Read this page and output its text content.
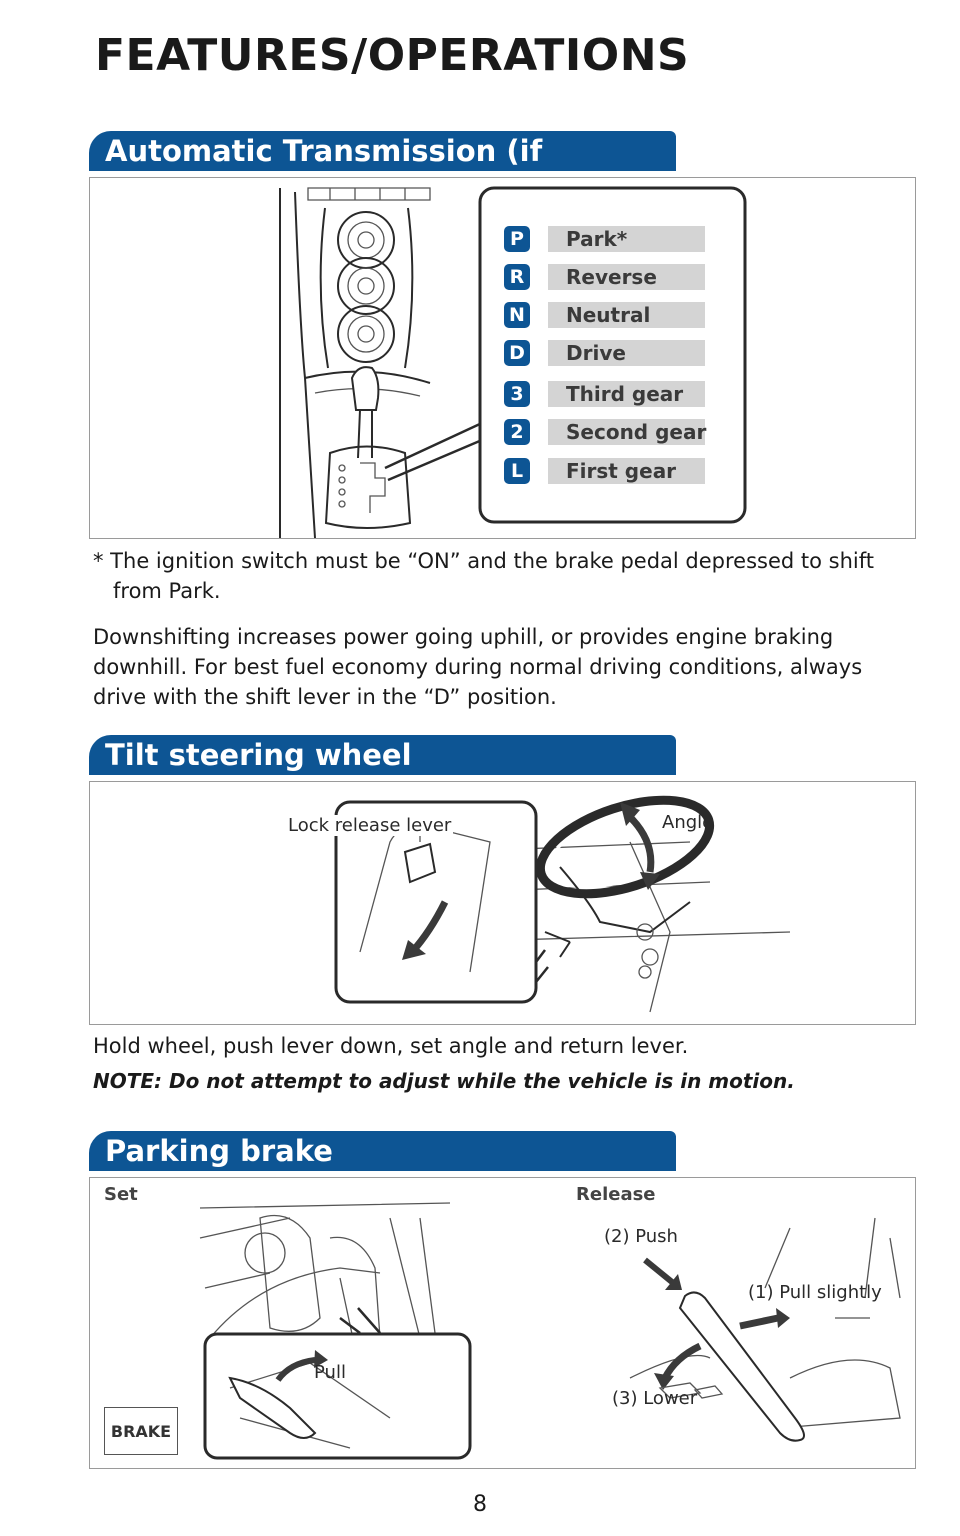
FEATURES/OPERATIONS
Automatic Transmission (if
P	Park*
R	Reverse
N	Neutral
D	Drive
3	Third gear
2	Second gear
L	First gear
* The ignition switch must be “ON” and the brake pedal depressed to shift
from Park.
Downshifting increases power going uphill, or provides engine braking
downhill. For best fuel economy during normal driving conditions, always
drive with the shift lever in the “D” position.
Tilt steering wheel
Lock release lever	Angle
Hold wheel, push lever down, set angle and return lever.
NOTE: Do not attempt to adjust while the vehicle is in motion.
Parking brake
Set	Release
(2) Push
(1) Pull slightly
(3) Lower
Pull
BRAKE
8
